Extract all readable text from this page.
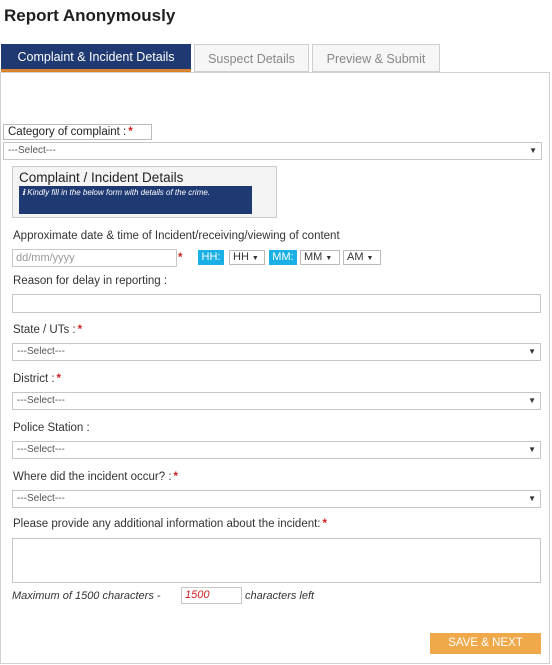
Report Anonymously
Complaint & Incident Details	Suspect Details	Preview & Submit
Category of complaint : *
---Select---	▼
Complaint / Incident Details
ℹ Kindly fill in the below form with details of the crime.
Approximate date & time of Incident/receiving/viewing of content
dd/mm/yyyy	*	HH:	HH ▼	MM: MM ▼	AM ▼
Reason for delay in reporting :
State / UTs : *
---Select---	▼
District : *
---Select---	▼
Police Station :
---Select---	▼
Where did the incident occur? : *
---Select---	▼
Please provide any additional information about the incident: *
Maximum of 1500 characters -	1500	characters left
SAVE & NEXT
